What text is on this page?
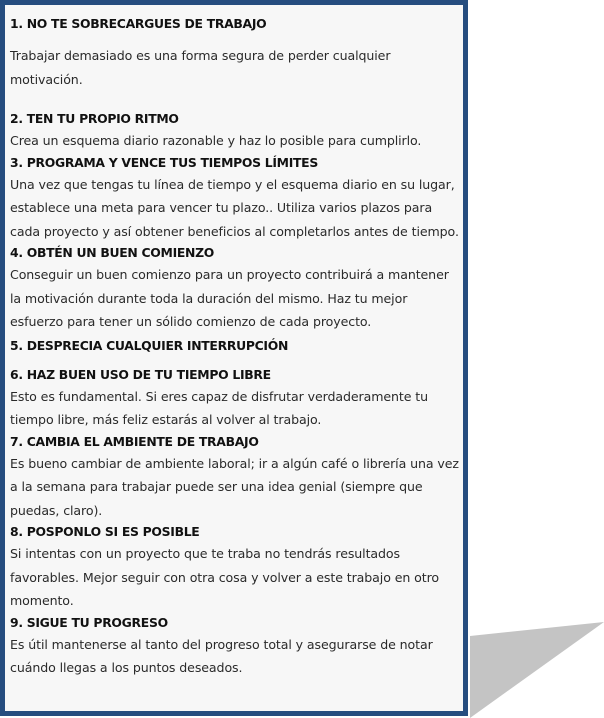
1. NO TE SOBRECARGUES DE TRABAJO

Trabajar demasiado es una forma segura de perder cualquier motivación.

2. TEN TU PROPIO RITMO

Crea un esquema diario razonable y haz lo posible para cumplirlo.

3. PROGRAMA Y VENCE TUS TIEMPOS LÍMITES

Una vez que tengas tu línea de tiempo y el esquema diario en su lugar, establece una meta para vencer tu plazo.. Utiliza varios plazos para cada proyecto y así obtener beneficios al completarlos antes de tiempo.

4. OBTÉN UN BUEN COMIENZO

Conseguir un buen comienzo para un proyecto contribuirá a mantener la motivación durante toda la duración del mismo. Haz tu mejor esfuerzo para tener un sólido comienzo de cada proyecto.

5. DESPRECIA CUALQUIER INTERRUPCIÓN

6. HAZ BUEN USO DE TU TIEMPO LIBRE

Esto es fundamental. Si eres capaz de disfrutar verdaderamente tu tiempo libre, más feliz estarás al volver al trabajo.

7. CAMBIA EL AMBIENTE DE TRABAJO

Es bueno cambiar de ambiente laboral; ir a algún café o librería una vez a la semana para trabajar puede ser una idea genial (siempre que puedas, claro).

8. POSPONLO SI ES POSIBLE

Si intentas con un proyecto que te traba no tendrás resultados favorables. Mejor seguir con otra cosa y volver a este trabajo en otro momento.

9. SIGUE TU PROGRESO

Es útil mantenerse al tanto del progreso total y asegurarse de notar cuándo llegas a los puntos deseados.
